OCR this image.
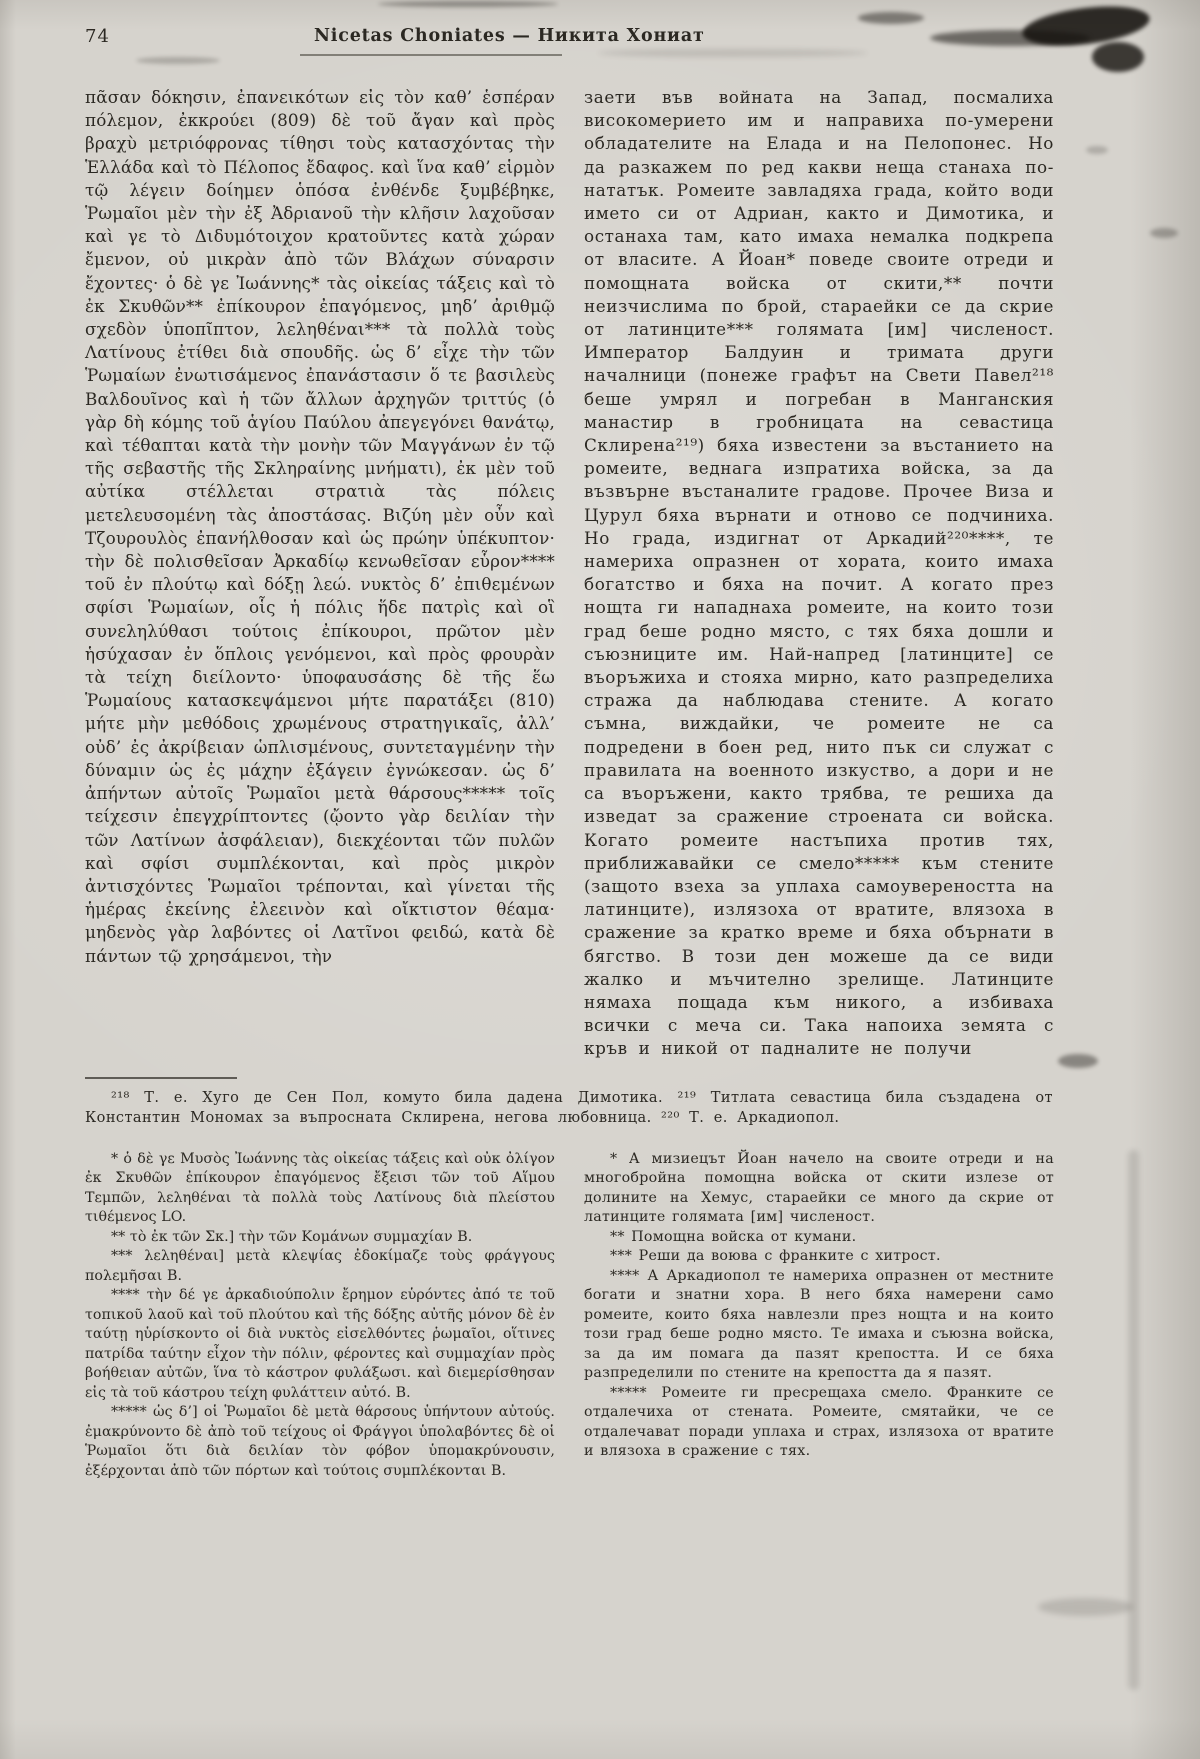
74	Nicetas Choniates — Никита Хониат

πᾶσαν δόκησιν, ἐπανεικότων εἰς τὸν καθ’ ἑσπέραν πόλεμον, ἐκκρούει (809) δὲ τοῦ ἄγαν καὶ πρὸς βραχὺ μετριόφρονας τίθησι τοὺς κατασχόντας τὴν Ἑλλάδα καὶ τὸ Πέλοπος ἔδαφος. καὶ ἵνα καθ’ εἱρμὸν τῷ λέγειν δοίημεν ὁπόσα ἐνθένδε ξυμβέβηκε, Ῥωμαῖοι μὲν τὴν ἐξ Ἀδριανοῦ τὴν κλῆσιν λαχοῦσαν καὶ γε τὸ Διδυμότοιχον κρατοῦντες κατὰ χώραν ἔμενον, οὐ μικρὰν ἀπὸ τῶν Βλάχων σύναρσιν ἔχοντες· ὁ δὲ γε Ἰωάννης* τὰς οἰκείας τάξεις καὶ τὸ ἐκ Σκυθῶν** ἐπίκουρον ἐπαγόμενος, μηδ’ ἀριθμῷ σχεδὸν ὑποπῖπτον, λεληθέναι*** τὰ πολλὰ τοὺς Λατίνους ἐτίθει διὰ σπουδῆς. ὡς δ’ εἶχε τὴν τῶν Ῥωμαίων ἐνωτισάμενος ἐπανάστασιν ὅ τε βασιλεὺς Βαλδουῖνος καὶ ἡ τῶν ἄλλων ἀρχηγῶν τριττύς (ὁ γὰρ δὴ κόμης τοῦ ἁγίου Παύλου ἀπεγεγόνει θανάτῳ, καὶ τέθαπται κατὰ τὴν μονὴν τῶν Μαγγάνων ἐν τῷ τῆς σεβαστῆς τῆς Σκληραίνης μνήματι), ἐκ μὲν τοῦ αὐτίκα στέλλεται στρατιὰ τὰς πόλεις μετελευσομένη τὰς ἀποστάσας. Βιζύη μὲν οὖν καὶ Τζουρουλὸς ἐπανήλθοσαν καὶ ὡς πρώην ὑπέκυπτον· τὴν δὲ πολισθεῖσαν Ἀρκαδίῳ κενωθεῖσαν εὗρον**** τοῦ ἐν πλούτῳ καὶ δόξῃ λεώ. νυκτὸς δ’ ἐπιθεμένων σφίσι Ῥωμαίων, οἷς ἡ πόλις ἥδε πατρὶς καὶ οἳ συνεληλύθασι τούτοις ἐπίκουροι, πρῶτον μὲν ἡσύχασαν ἐν ὅπλοις γενόμενοι, καὶ πρὸς φρουρὰν τὰ τείχη διείλοντο· ὑποφαυσάσης δὲ τῆς ἕω Ῥωμαίους κατασκεψάμενοι μήτε παρατάξει (810) μήτε μὴν μεθόδοις χρωμένους στρατηγικαῖς, ἀλλ’ οὐδ’ ἐς ἀκρίβειαν ὡπλισμένους, συντεταγμένην τὴν δύναμιν ὡς ἐς μάχην ἐξάγειν ἐγνώκεσαν. ὡς δ’ ἀπήντων αὐτοῖς Ῥωμαῖοι μετὰ θάρσους***** τοῖς τείχεσιν ἐπεγχρίπτοντες (ᾤοντο γὰρ δειλίαν τὴν τῶν Λατίνων ἀσφάλειαν), διεκχέονται τῶν πυλῶν καὶ σφίσι συμπλέκονται, καὶ πρὸς μικρὸν ἀντισχόντες Ῥωμαῖοι τρέπονται, καὶ γίνεται τῆς ἡμέρας ἐκείνης ἐλεεινὸν καὶ οἴκτιστον θέαμα· μηδενὸς γὰρ λαβόντες οἱ Λατῖνοι φειδώ, κατὰ δὲ πάντων τῷ χρησάμενοι, τὴν

заети във войната на Запад, посмалиха високомерието им и направиха по-умерени обладателите на Елада и на Пелопонес. Но да разкажем по ред какви неща станаха по-нататък. Ромеите завладяха града, който води името си от Адриан, както и Димотика, и останаха там, като имаха немалка подкрепа от власите. А Йоан* поведе своите отреди и помощната войска от скити,** почти неизчислима по брой, стараейки се да скрие от латинците*** голямата [им] численост. Император Балдуин и тримата други началници (понеже графът на Свети Павел²¹⁸ беше умрял и погребан в Манганския манастир в гробницата на севастица Склирена²¹⁹) бяха известени за въстанието на ромеите, веднага изпратиха войска, за да възвърне въстаналите градове. Прочее Виза и Цурул бяха върнати и отново се подчиниха. Но града, издигнат от Аркадий²²⁰****, те намериха опразнен от хората, които имаха богатство и бяха на почит. А когато през нощта ги нападнаха ромеите, на които този град беше родно място, с тях бяха дошли и съюзниците им. Най-напред [латинците] се въоръжиха и стояха мирно, като разпределиха стража да наблюдава стените. А когато съмна, виждайки, че ромеите не са подредени в боен ред, нито пък си служат с правилата на военното изкуство, а дори и не са въоръжени, както трябва, те решиха да изведат за сражение строената си войска. Когато ромеите настъпиха против тях, приближавайки се смело***** към стените (защото взеха за уплаха самоувереността на латинците), излязоха от вратите, влязоха в сражение за кратко време и бяха обърнати в бягство. В този ден можеше да се види жалко и мъчително зрелище. Латинците нямаха пощада към никого, а избиваха всички с меча си. Така напоиха земята с кръв и никой от падналите не получи

²¹⁸ Т. е. Хуго де Сен Пол, комуто била дадена Димотика. ²¹⁹ Титлата севастица била създадена от Константин Мономах за въпросната Склирена, негова любовница. ²²⁰ Т. е. Аркадиопол.

* ὁ δὲ γε Μυσὸς Ἰωάννης τὰς οἰκείας τάξεις καὶ οὐκ ὀλίγον ἐκ Σκυθῶν ἐπίκουρον ἐπαγόμενος ἔξεισι τῶν τοῦ Αἵμου Τεμπῶν, λεληθέναι τὰ πολλὰ τοὺς Λατίνους διὰ πλείστου τιθέμενος LO.

** τὸ ἐκ τῶν Σκ.] τὴν τῶν Κομάνων συμμαχίαν Β.

*** λεληθέναι] μετὰ κλεψίας ἐδοκίμαζε τοὺς φράγγους πολεμῆσαι Β.

**** τὴν δέ γε ἀρκαδιούπολιν ἔρημον εὑρόντες ἀπό τε τοῦ τοπικοῦ λαοῦ καὶ τοῦ πλούτου καὶ τῆς δόξης αὐτῆς μόνον δὲ ἐν ταύτῃ ηὑρίσκοντο οἱ διὰ νυκτὸς εἰσελθόντες ῥωμαῖοι, οἵτινες πατρίδα ταύτην εἶχον τὴν πόλιν, φέροντες καὶ συμμαχίαν πρὸς βοήθειαν αὐτῶν, ἵνα τὸ κάστρον φυλάξωσι. καὶ διεμερίσθησαν εἰς τὰ τοῦ κάστρου τείχη φυλάττειν αὐτό. Β.

***** ὡς δ’] οἱ Ῥωμαῖοι δὲ μετὰ θάρσους ὑπήντουν αὐτούς. ἐμακρύνοντο δὲ ἀπὸ τοῦ τείχους οἱ Φράγγοι ὑπολαβόντες δὲ οἱ Ῥωμαῖοι ὅτι διὰ δειλίαν τὸν φόβον ὑπομακρύνουσιν, ἐξέρχονται ἀπὸ τῶν πόρτων καὶ τούτοις συμπλέκονται Β.

* А мизиецът Йоан начело на своите отреди и на многобройна помощна войска от скити излезе от долините на Хемус, стараейки се много да скрие от латинците голямата [им] численост.

** Помощна войска от кумани.

*** Реши да воюва с франките с хитрост.

**** А Аркадиопол те намериха опразнен от местните богати и знатни хора. В него бяха намерени само ромеите, които бяха навлезли през нощта и на които този град беше родно място. Те имаха и съюзна войска, за да им помага да пазят крепостта. И се бяха разпределили по стените на крепостта да я пазят.

***** Ромеите ги пресрещаха смело. Франките се отдалечиха от стената. Ромеите, смятайки, че се отдалечават поради уплаха и страх, излязоха от вратите и влязоха в сражение с тях.
